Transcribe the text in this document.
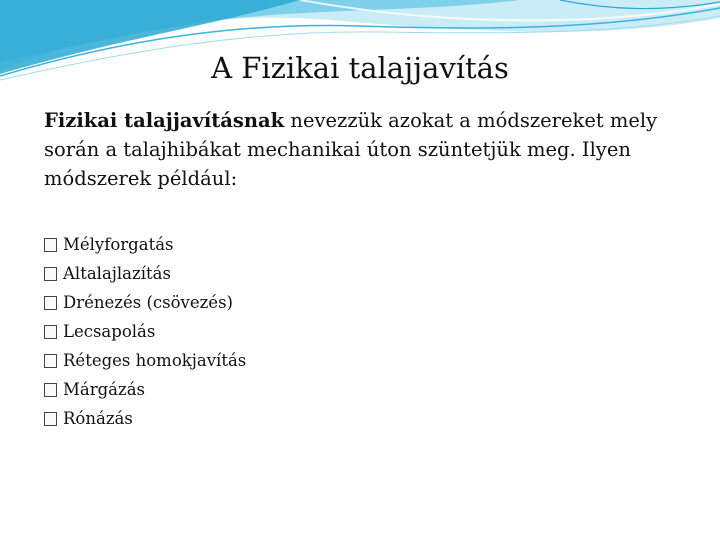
A Fizikai talajjavítás
Fizikai talajjavításnak nevezzük azokat a módszereket mely során a talajhibákat mechanikai úton szüntetjük meg. Ilyen módszerek például:
Mélyforgatás
Altalajlazítás
Drénezés (csövezés)
Lecsapolás
Réteges homokjavítás
Márgázás
Rónázás
